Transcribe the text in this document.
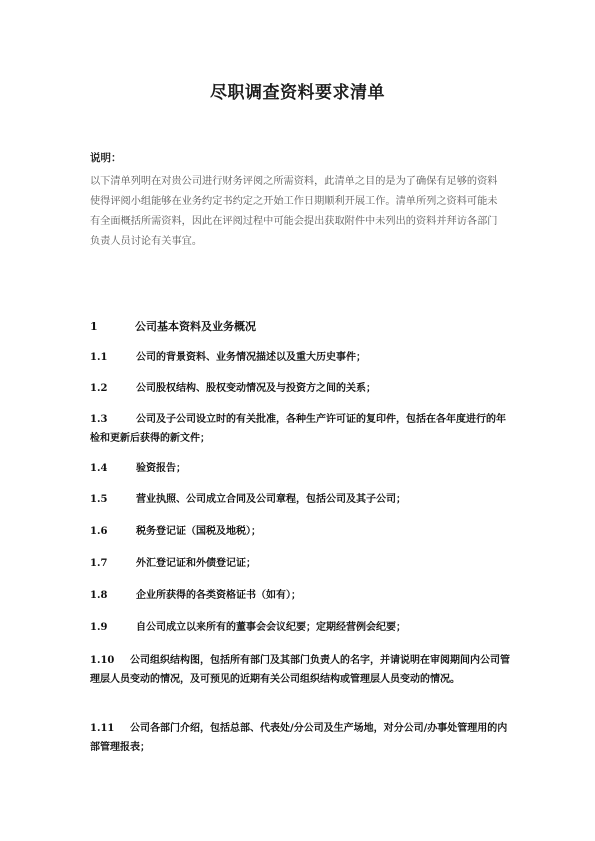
尽职调查资料要求清单
说明：
以下清单列明在对贵公司进行财务评阅之所需资料，此清单之目的是为了确保有足够的资料使得评阅小组能够在业务约定书约定之开始工作日期顺利开展工作。清单所列之资料可能未有全面概括所需资料，因此在评阅过程中可能会提出获取附件中未列出的资料并拜访各部门负责人员讨论有关事宜。
1	公司基本资料及业务概况
1.1	公司的背景资料、业务情况描述以及重大历史事件；
1.2	公司股权结构、股权变动情况及与投资方之间的关系；
1.3	公司及子公司设立时的有关批准，各种生产许可证的复印件，包括在各年度进行的年检和更新后获得的新文件；
1.4	验资报告；
1.5	营业执照、公司成立合同及公司章程，包括公司及其子公司；
1.6	税务登记证（国税及地税）；
1.7	外汇登记证和外债登记证；
1.8	企业所获得的各类资格证书（如有）；
1.9	自公司成立以来所有的董事会会议纪要；定期经营例会纪要；
1.10 公司组织结构图，包括所有部门及其部门负责人的名字，并请说明在审阅期间内公司管理层人员变动的情况，及可预见的近期有关公司组织结构或管理层人员变动的情况。
1.11 公司各部门介绍，包括总部、代表处/分公司及生产场地，对分公司/办事处管理用的内部管理报表；
